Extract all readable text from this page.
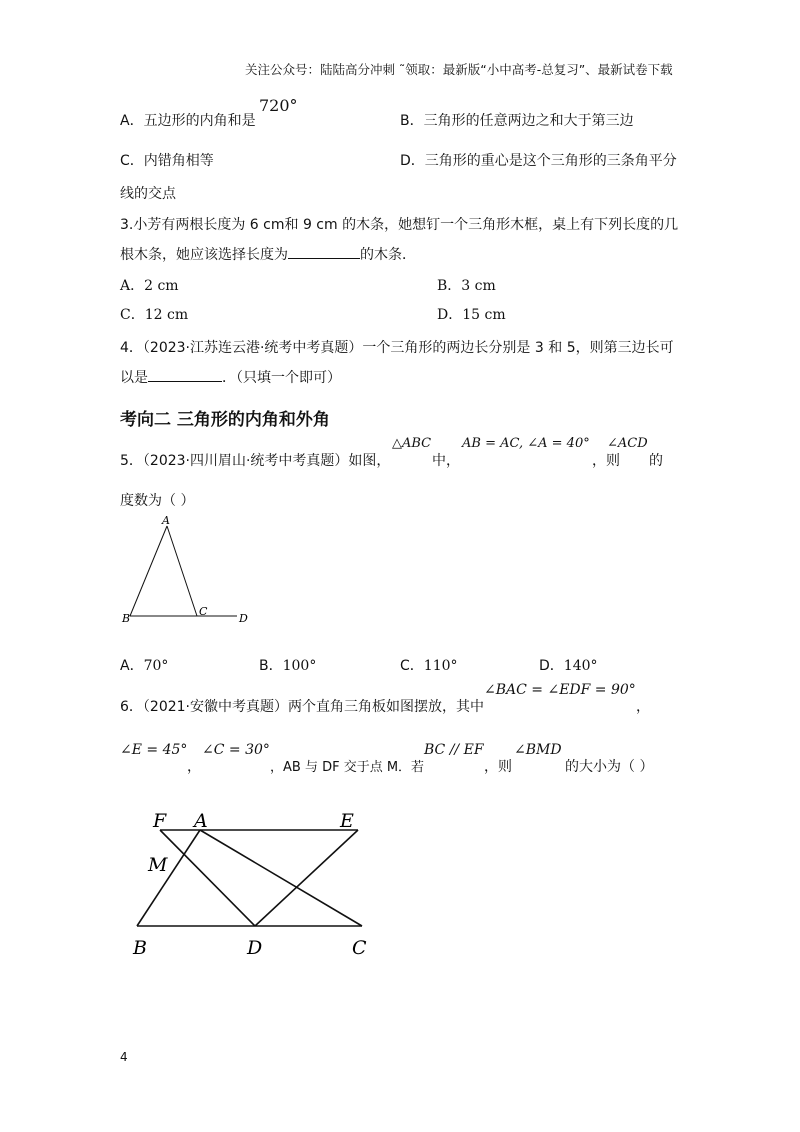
关注公众号：陆陆高分冲刺 ˜领取：最新版“小中高考-总复习”、最新试卷下载
A．五边形的内角和是
720°
B．三角形的任意两边之和大于第三边
C．内错角相等	D．三角形的重心是这个三角形的三条角平分
线的交点
3.小芳有两根长度为 6 cm和 9 cm 的木条，她想钉一个三角形木框，桌上有下列长度的几
根木条，她应该选择长度为	的木条．
A．2 cm	B．3 cm
C．12 cm	D．15 cm
4．（2023·江苏连云港·统考中考真题）一个三角形的两边长分别是 3 和 5，则第三边长可
以是	．（只填一个即可）
考向二 三角形的内角和外角
5．（2023·四川眉山·统考中考真题）如图，
△ABC
中，
AB = AC, ∠A = 40°
，则
∠ACD
的
度数为（ ）
A
B
C
D
A．70°	B．100°	C．110°	D．140°
6．（2021·安徽中考真题）两个直角三角板如图摆放，其中
∠BAC = ∠EDF = 90°
，
∠E = 45°
，
∠C = 30°
，AB 与 DF 交于点 M．若
BC // EF
，则
∠BMD
的大小为（ ）
F A	E
M
B	D	C
4
